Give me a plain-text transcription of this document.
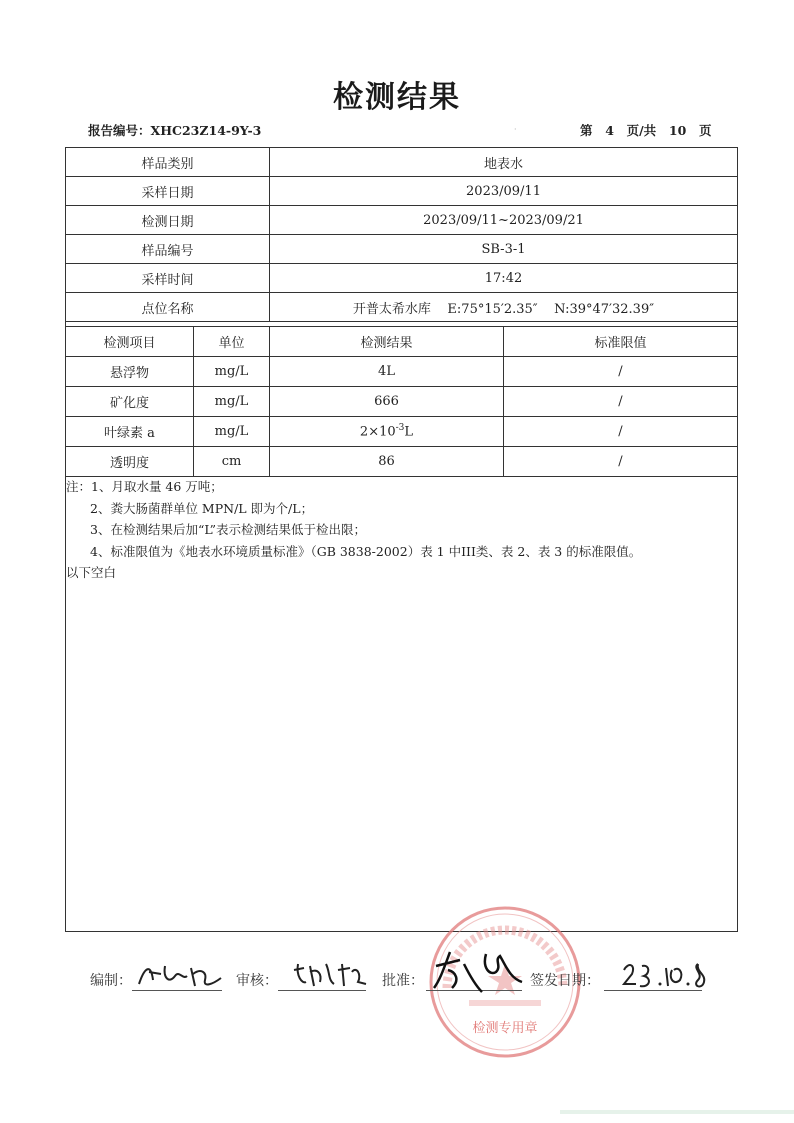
检测结果
报告编号：XHC23Z14-9Y-3	·	第  4  页/共  10  页
样品类别	地表水
采样日期	2023/09/11
检测日期	2023/09/11~2023/09/21
样品编号	SB-3-1
采样时间	17:42
点位名称	开普太希水库    E:75°15′2.35″    N:39°47′32.39″
检测项目	单位	检测结果	标准限值
悬浮物	mg/L	4L	/
矿化度	mg/L	666	/
叶绿素 a	mg/L	$2\times 10^{-3}L$	/
透明度	cm	86	/
注：1、月取水量 46 万吨；
2、粪大肠菌群单位 MPN/L 即为个/L；
3、在检测结果后加“L”表示检测结果低于检出限；
4、标准限值为《地表水环境质量标准》（GB 3838-2002）表 1 中III类、表 2、表 3 的标准限值。
以下空白
检测专用章
编制：	审核：	批准：	签发日期：
